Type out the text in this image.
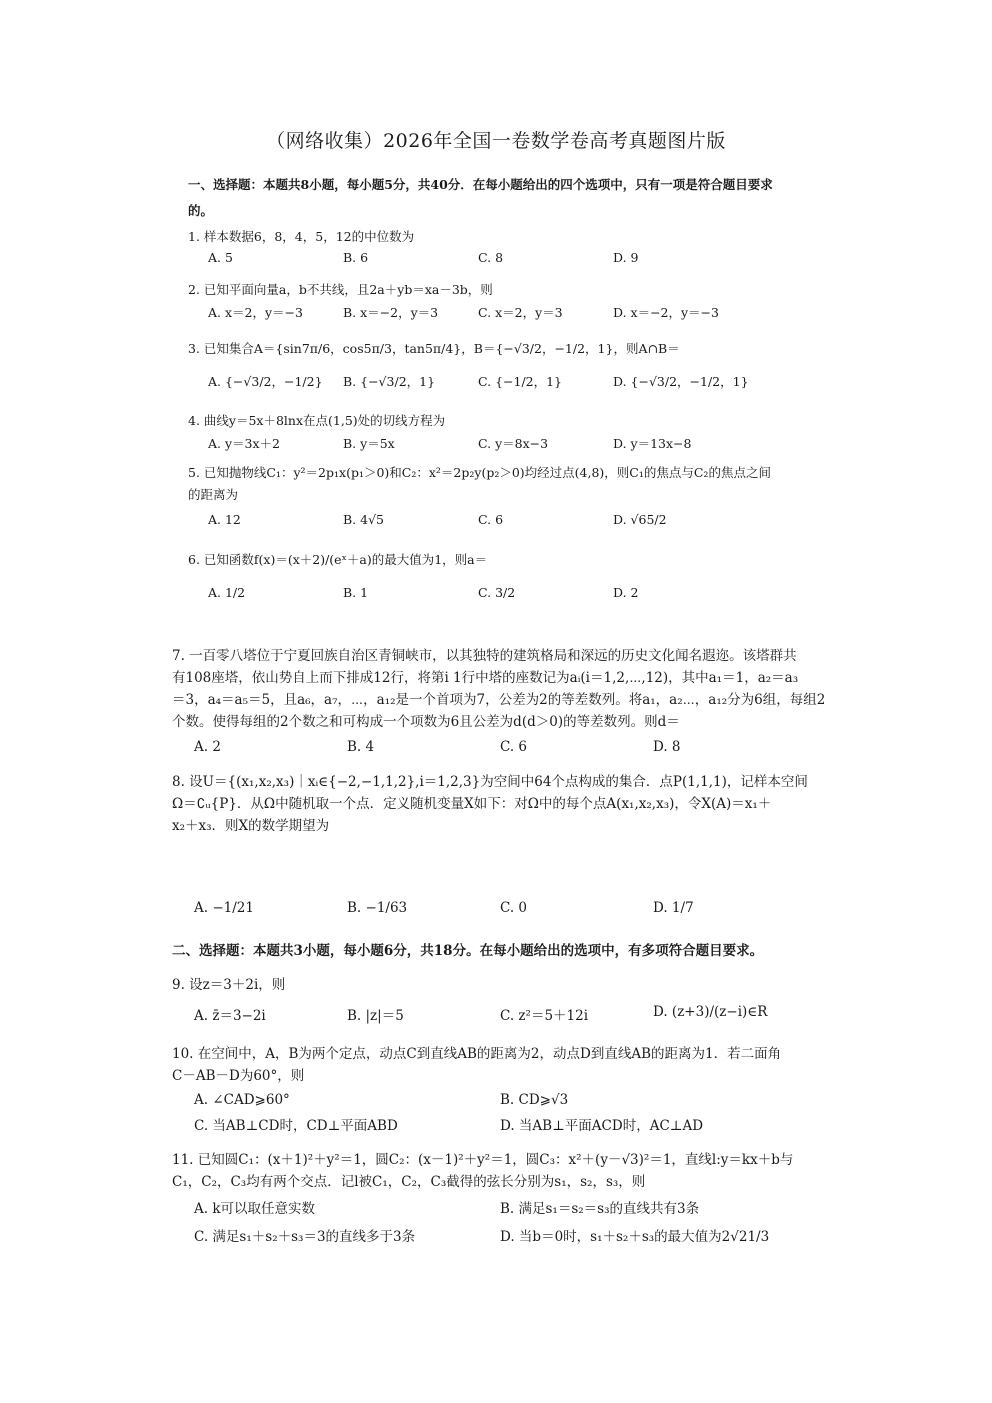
（网络收集）2026年全国一卷数学卷高考真题图片版
一、选择题：本题共8小题，每小题5分，共40分．在每小题给出的四个选项中，只有一项是符合题目要求
的。
1. 样本数据6，8，4，5，12的中位数为
A. 5	B. 6	C. 8	D. 9
2. 已知平面向量a，b不共线，且2a＋yb＝xa－3b，则
A. x＝2，y＝−3	B. x＝−2，y＝3	C. x＝2，y＝3	D. x＝−2，y＝−3
3. 已知集合A＝{sin7π/6，cos5π/3，tan5π/4}，B＝{−√3/2，−1/2，1}，则A∩B＝
A. {−√3/2，−1/2} B. {−√3/2，1}	C. {−1/2，1}	D. {−√3/2，−1/2，1}
4. 曲线y＝5x＋8lnx在点(1,5)处的切线方程为
A. y＝3x＋2	B. y＝5x	C. y＝8x−3	D. y＝13x−8
5. 已知抛物线C₁：y²＝2p₁x(p₁＞0)和C₂：x²＝2p₂y(p₂＞0)均经过点(4,8)，则C₁的焦点与C₂的焦点之间
的距离为
A. 12	B. 4√5	C. 6	D. √65/2
6. 已知函数f(x)＝(x＋2)/(eˣ＋a)的最大值为1，则a＝
A. 1/2	B. 1	C. 3/2	D. 2
7. 一百零八塔位于宁夏回族自治区青铜峡市，以其独特的建筑格局和深远的历史文化闻名遐迩。该塔群共
有108座塔，依山势自上而下排成12行，将第i 1行中塔的座数记为aᵢ(i＝1,2,⋯,12)，其中a₁＝1，a₂＝a₃
＝3，a₄＝a₅＝5，且a₆，a₇，⋯，a₁₂是一个首项为7，公差为2的等差数列。将a₁，a₂⋯，a₁₂分为6组，每组2
个数。使得每组的2个数之和可构成一个项数为6且公差为d(d＞0)的等差数列。则d＝
A. 2	B. 4	C. 6	D. 8
8. 设U＝{(x₁,x₂,x₃)｜xᵢ∈{−2,−1,1,2},i＝1,2,3}为空间中64个点构成的集合．点P(1,1,1)，记样本空间
Ω＝∁ᵤ{P}．从Ω中随机取一个点．定义随机变量X如下：对Ω中的每个点A(x₁,x₂,x₃)，令X(A)＝x₁＋
x₂＋x₃．则X的数学期望为
A. −1/21	B. −1/63	C. 0	D. 1/7
二、选择题：本题共3小题，每小题6分，共18分。在每小题给出的选项中，有多项符合题目要求。
9. 设z＝3＋2i，则
A. z̄＝3−2i	B. |z|＝5	C. z²＝5＋12i	D. (z+3)/(z−i)∈R
10. 在空间中，A，B为两个定点，动点C到直线AB的距离为2，动点D到直线AB的距离为1．若二面角
C－AB－D为60°，则
A. ∠CAD⩾60°	B. CD⩾√3
C. 当AB⊥CD时，CD⊥平面ABD	D. 当AB⊥平面ACD时，AC⊥AD
11. 已知圆C₁：(x＋1)²＋y²＝1，圆C₂：(x－1)²＋y²＝1，圆C₃：x²＋(y－√3)²＝1，直线l:y＝kx＋b与
C₁，C₂，C₃均有两个交点．记l被C₁，C₂，C₃截得的弦长分别为s₁，s₂，s₃，则
A. k可以取任意实数	B. 满足s₁＝s₂＝s₃的直线共有3条
C. 满足s₁＋s₂＋s₃＝3的直线多于3条	D. 当b＝0时，s₁＋s₂＋s₃的最大值为2√21/3
